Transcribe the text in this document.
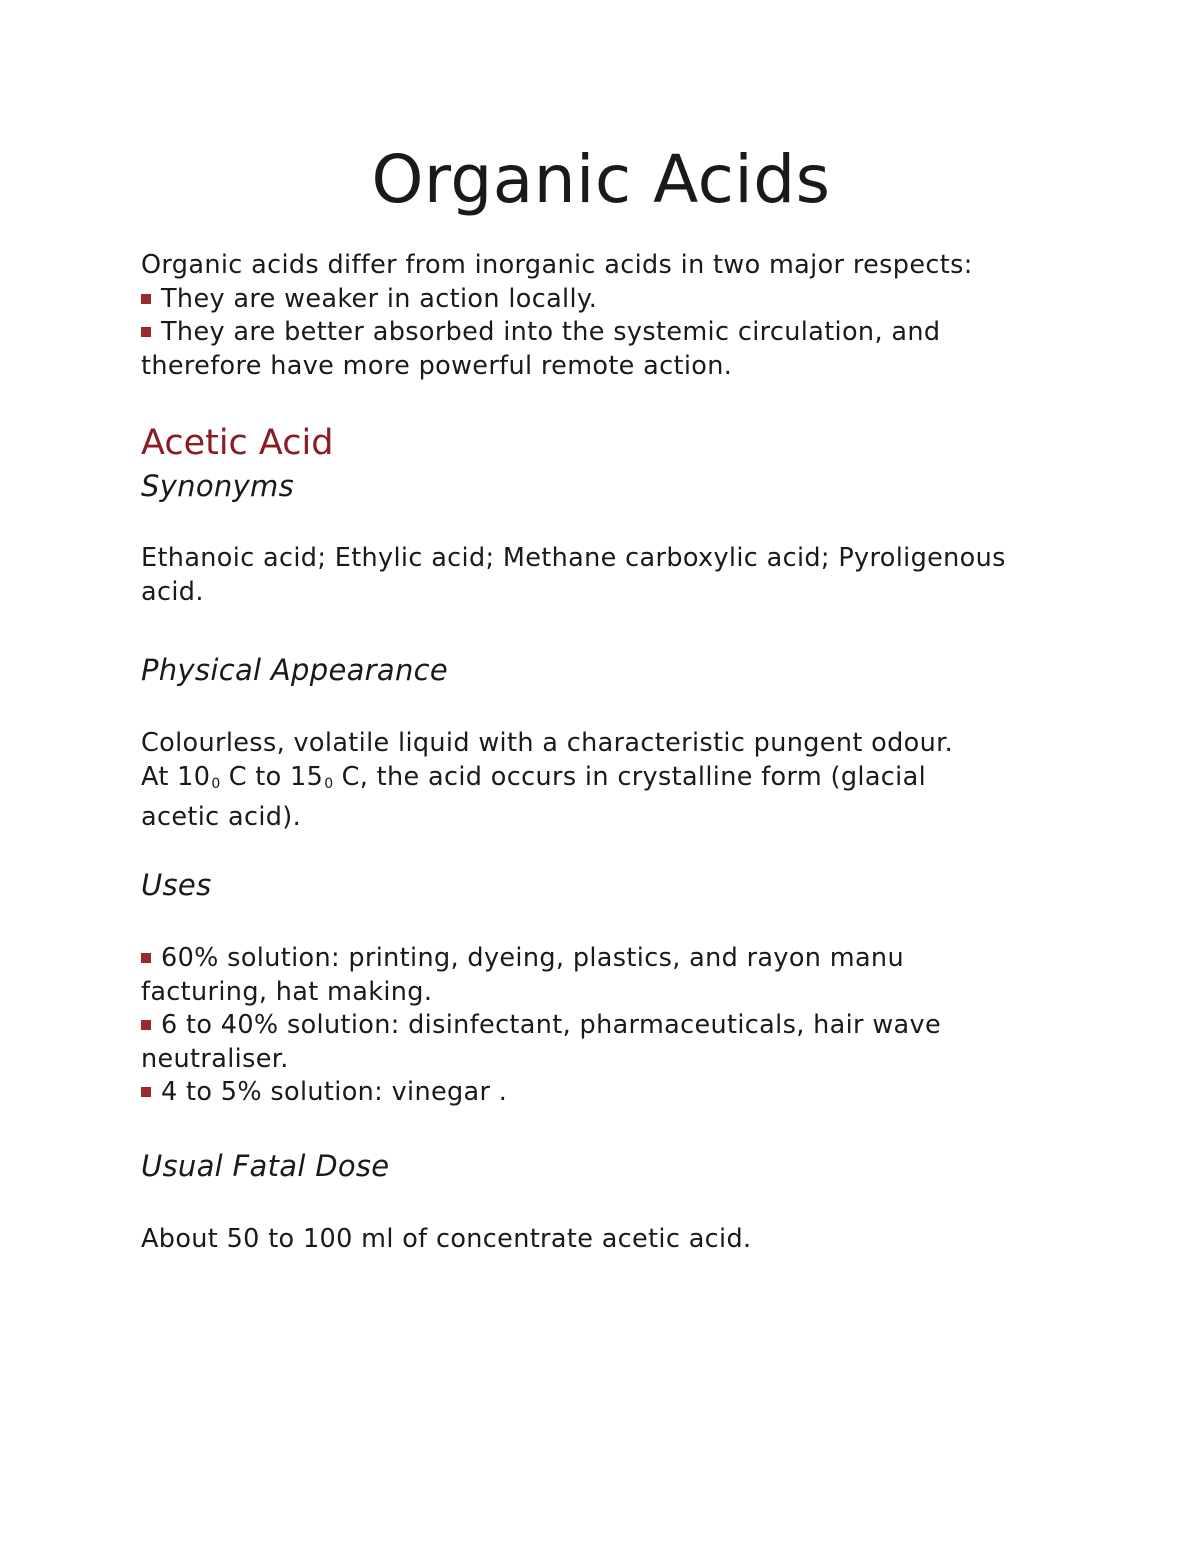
Organic Acids

Organic acids differ from inorganic acids in two major respects:

They are weaker in action locally.

They are better absorbed into the systemic circulation, and

therefore have more powerful remote action.

Acetic Acid
Synonyms

Ethanoic acid; Ethylic acid; Methane carboxylic acid; Pyroligenous

acid.

Physical Appearance

Colourless, volatile liquid with a characteristic pungent odour.

At $10_0$ C to $15_0$ C, the acid occurs in crystalline form (glacial

acetic acid).

Uses

60% solution: printing, dyeing, plastics, and rayon manu

facturing, hat making.

6 to 40% solution: disinfectant, pharmaceuticals, hair wave

neutraliser.

4 to 5% solution: vinegar .

Usual Fatal Dose

About 50 to 100 ml of concentrate acetic acid.
